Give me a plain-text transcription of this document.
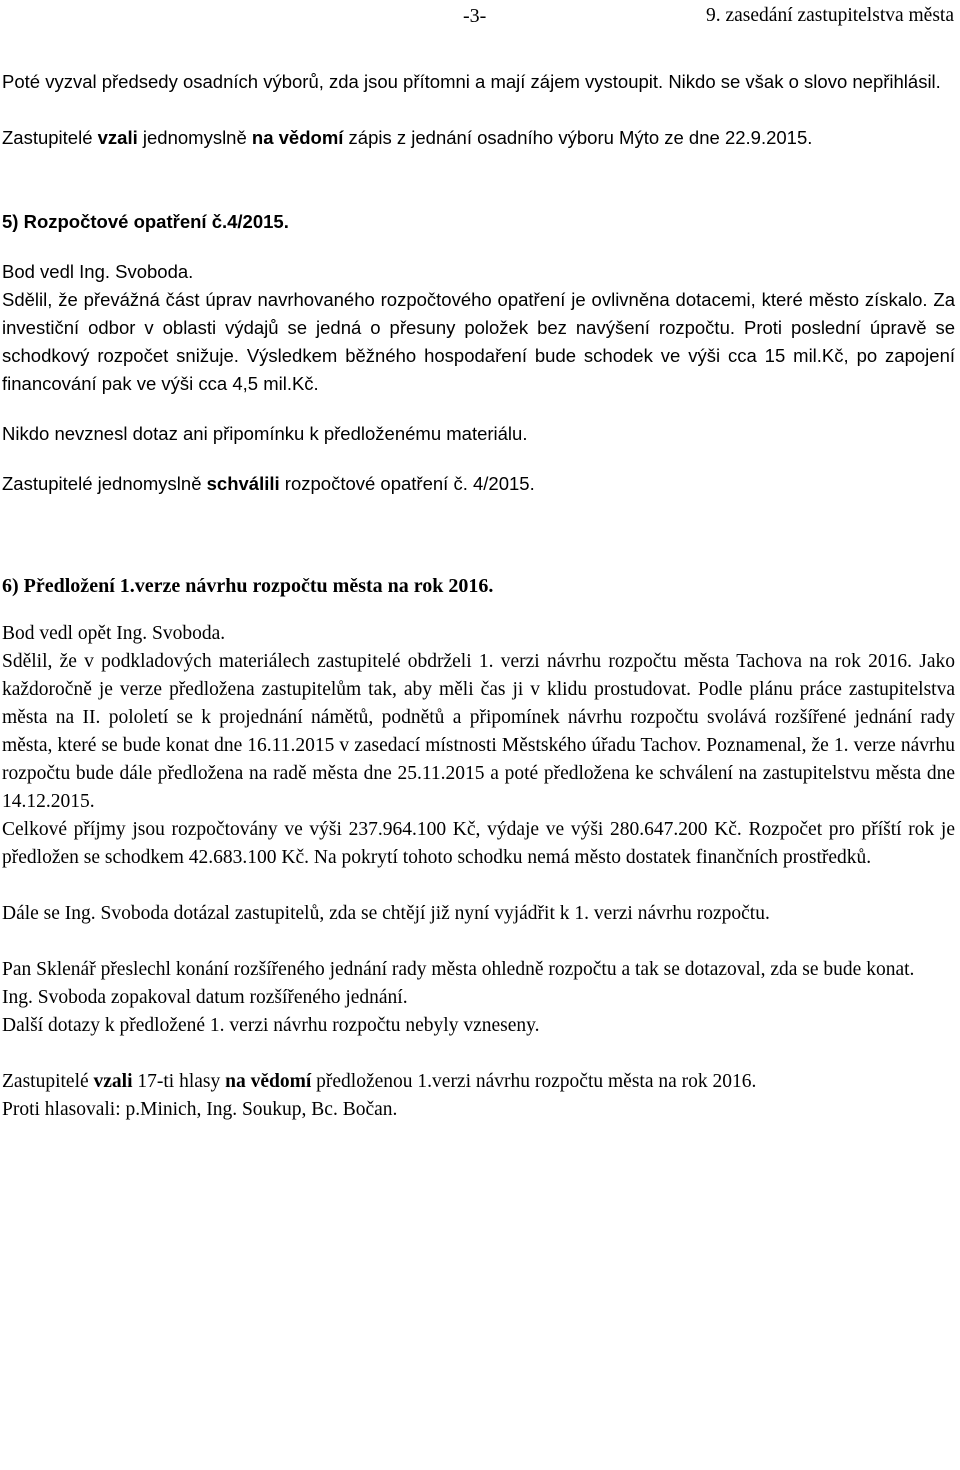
-3-	9. zasedání zastupitelstva města

Poté vyzval předsedy osadních výborů, zda jsou přítomni a mají zájem vystoupit. Nikdo se však o slovo nepřihlásil.

Zastupitelé vzali jednomyslně na vědomí zápis z jednání osadního výboru Mýto ze dne 22.9.2015.

5) Rozpočtové opatření č.4/2015.

Bod vedl Ing. Svoboda.

Sdělil, že převážná část úprav navrhovaného rozpočtového opatření je ovlivněna dotacemi, které město získalo. Za investiční odbor v oblasti výdajů se jedná o přesuny položek bez navýšení rozpočtu. Proti poslední úpravě se schodkový rozpočet snižuje. Výsledkem běžného hospodaření bude schodek ve výši cca 15 mil.Kč, po zapojení financování pak ve výši cca 4,5 mil.Kč.

Nikdo nevznesl dotaz ani připomínku k předloženému materiálu.

Zastupitelé jednomyslně schválili rozpočtové opatření č. 4/2015.

6) Předložení 1.verze návrhu rozpočtu města na rok 2016.

Bod vedl opět Ing. Svoboda.

Sdělil, že v podkladových materiálech zastupitelé obdrželi 1. verzi návrhu rozpočtu města Tachova na rok 2016. Jako každoročně je verze předložena zastupitelům tak, aby měli čas ji v klidu prostudovat. Podle plánu práce zastupitelstva města na II. pololetí se k projednání námětů, podnětů a připomínek návrhu rozpočtu svolává rozšířené jednání rady města, které se bude konat dne 16.11.2015 v zasedací místnosti Městského úřadu Tachov. Poznamenal, že 1. verze návrhu rozpočtu bude dále předložena na radě města dne 25.11.2015 a poté předložena ke schválení na zastupitelstvu města dne 14.12.2015.

Celkové příjmy jsou rozpočtovány ve výši 237.964.100 Kč, výdaje ve výši 280.647.200 Kč. Rozpočet pro příští rok je předložen se schodkem 42.683.100 Kč. Na pokrytí tohoto schodku nemá město dostatek finančních prostředků.

Dále se Ing. Svoboda dotázal zastupitelů, zda se chtějí již nyní vyjádřit k 1. verzi návrhu rozpočtu.

Pan Sklenář přeslechl konání rozšířeného jednání rady města ohledně rozpočtu a tak se dotazoval, zda se bude konat.

Ing. Svoboda zopakoval datum rozšířeného jednání.

Další dotazy k předložené 1. verzi návrhu rozpočtu nebyly vzneseny.

Zastupitelé vzali 17-ti hlasy na vědomí předloženou 1.verzi návrhu rozpočtu města na rok 2016.

Proti hlasovali: p.Minich, Ing. Soukup, Bc. Bočan.
